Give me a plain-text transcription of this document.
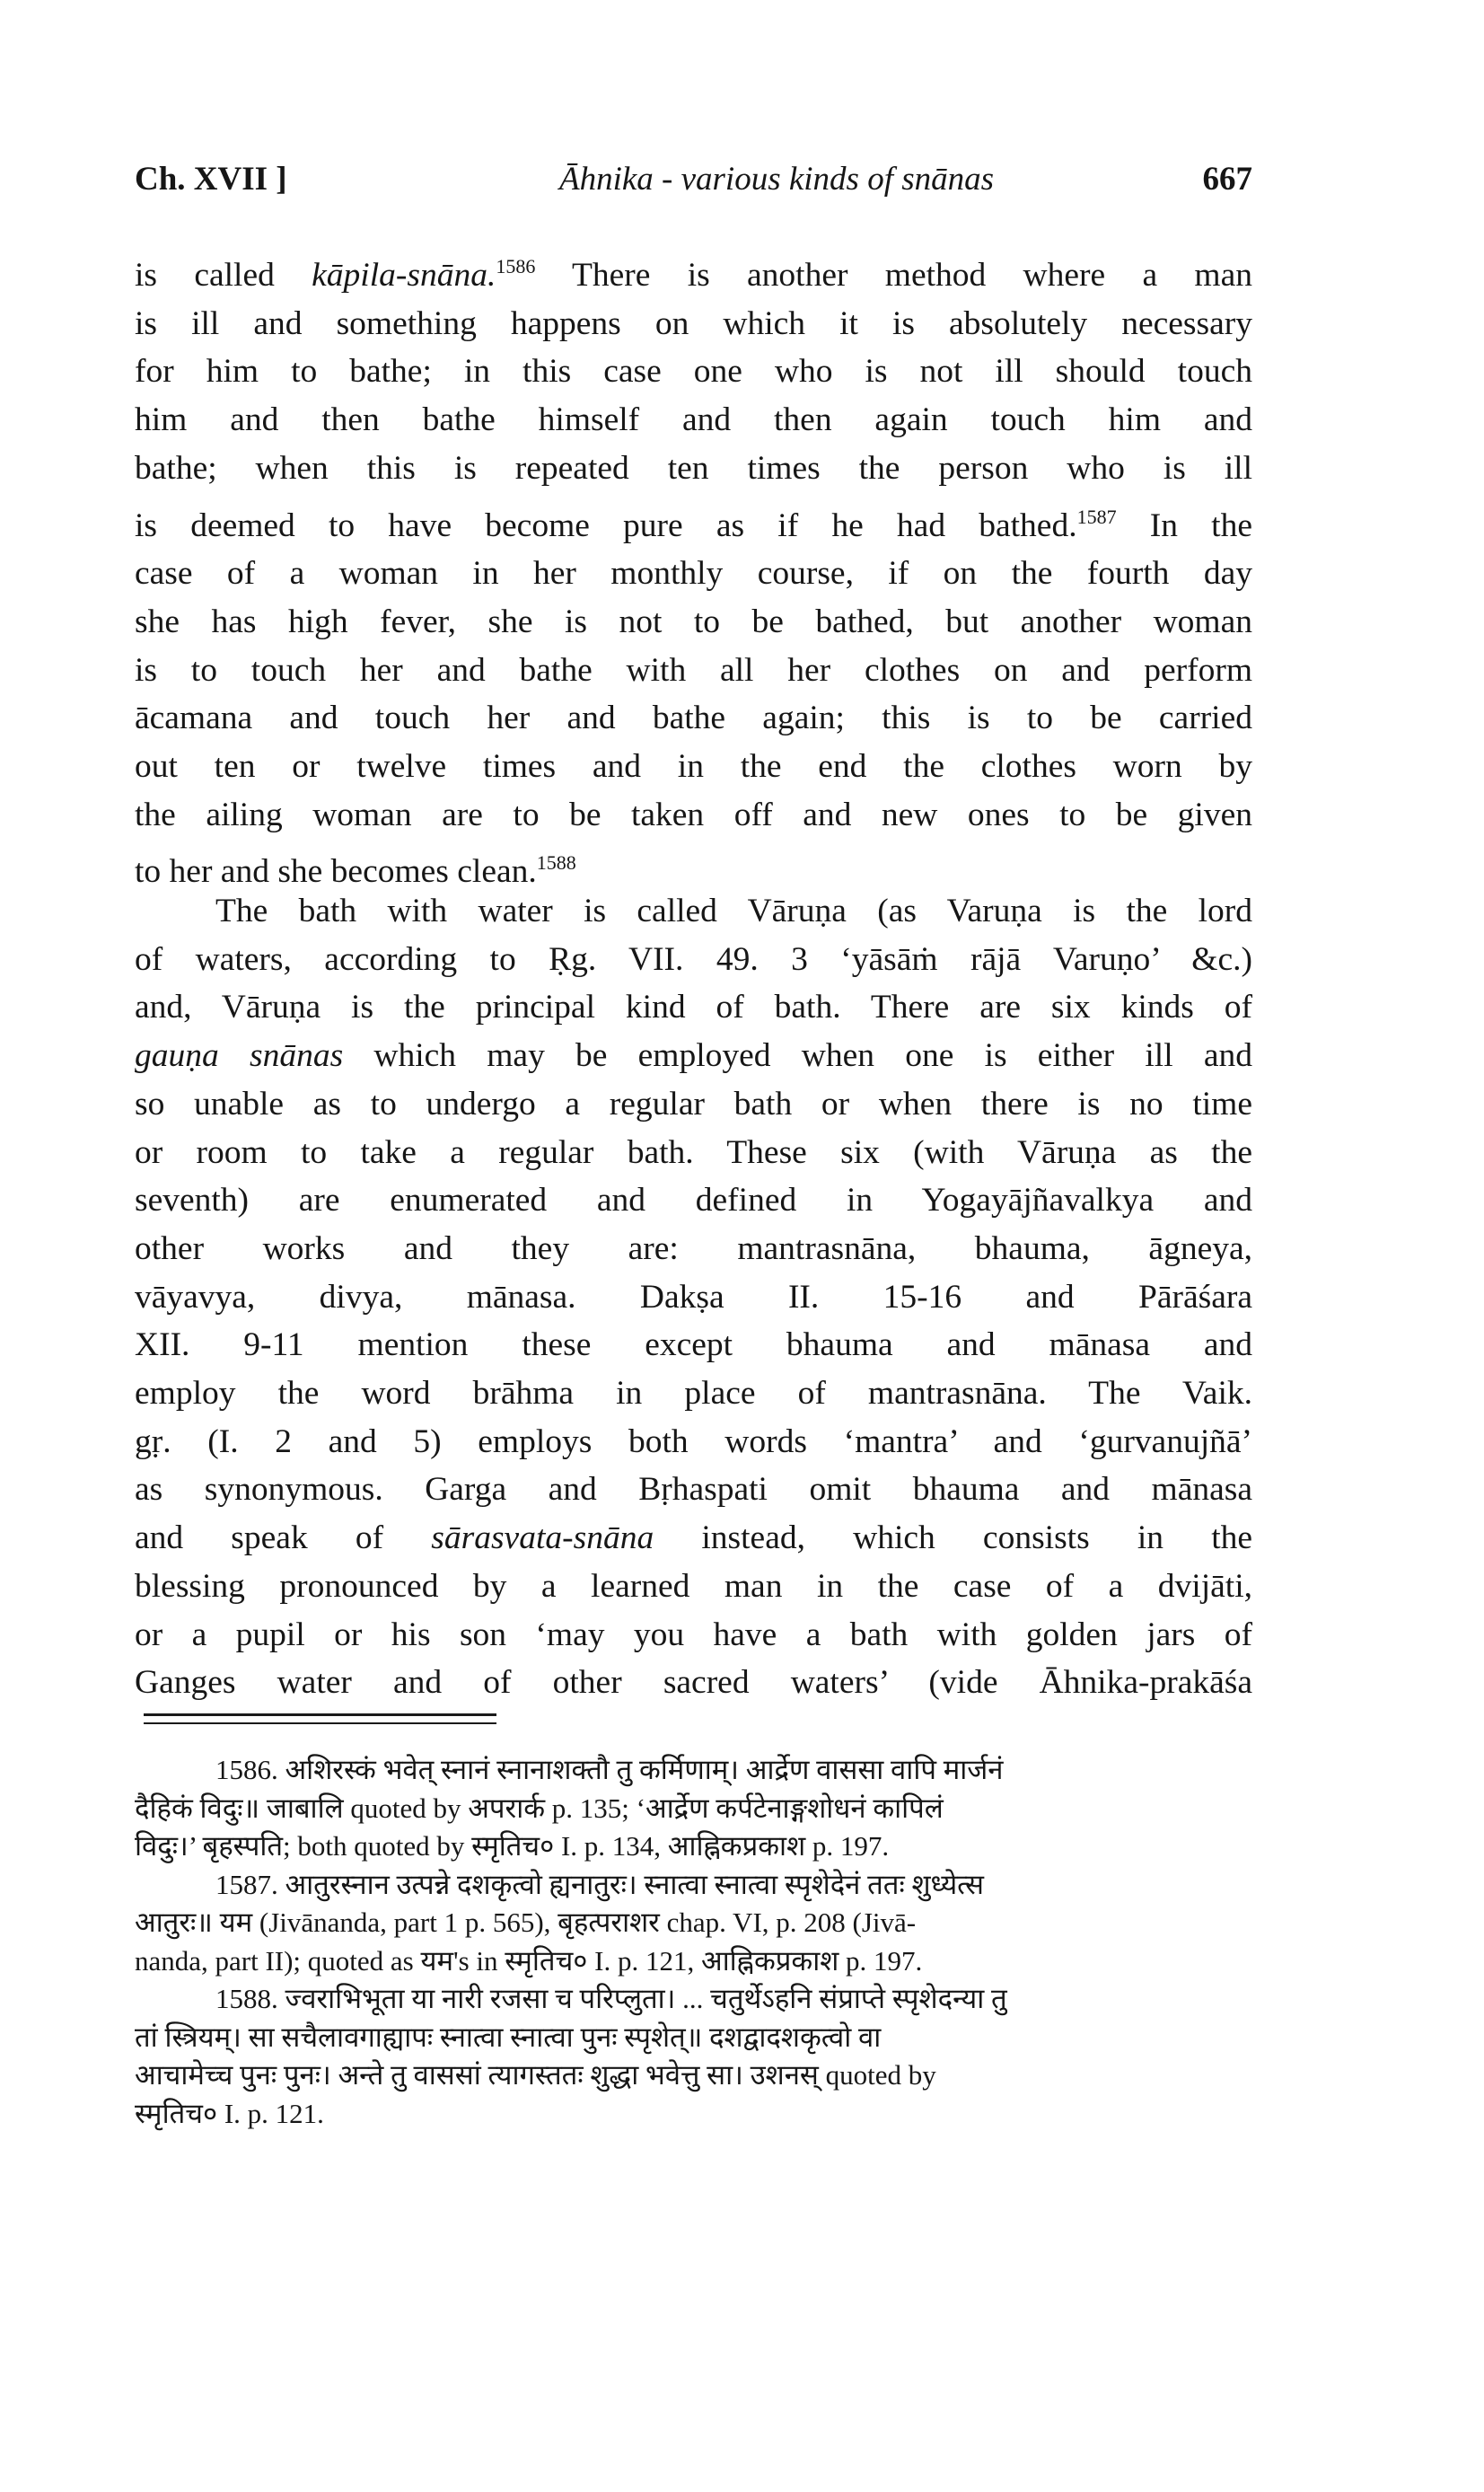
Ch. XVII ]	Āhnika - various kinds of snānas	667
is called kāpila-snāna.$^{1586}$ There is another method where a man
is ill and something happens on which it is absolutely necessary
for him to bathe; in this case one who is not ill should touch
him and then bathe himself and then again touch him and
bathe; when this is repeated ten times the person who is ill
is deemed to have become pure as if he had bathed.$^{1587}$ In the
case of a woman in her monthly course, if on the fourth day
she has high fever, she is not to be bathed, but another woman
is to touch her and bathe with all her clothes on and perform
ācamana and touch her and bathe again; this is to be carried
out ten or twelve times and in the end the clothes worn by
the ailing woman are to be taken off and new ones to be given
to her and she becomes clean.$^{1588}$
The bath with water is called Vāruṇa (as Varuṇa is the lord
of waters, according to Ṛg. VII. 49. 3 ‘yāsāṁ rājā Varuṇo’ &c.)
and, Vāruṇa is the principal kind of bath. There are six kinds of
gauṇa snānas which may be employed when one is either ill and
so unable as to undergo a regular bath or when there is no time
or room to take a regular bath. These six (with Vāruṇa as the
seventh) are enumerated and defined in Yogayājñavalkya and
other works and they are: mantrasnāna, bhauma, āgneya,
vāyavya, divya, mānasa. Dakṣa II. 15-16 and Pārāśara
XII. 9-11 mention these except bhauma and mānasa and
employ the word brāhma in place of mantrasnāna. The Vaik.
gṛ. (I. 2 and 5) employs both words ‘mantra’ and ‘gurvanujñā’
as synonymous. Garga and Bṛhaspati omit bhauma and mānasa
and speak of sārasvata-snāna instead, which consists in the
blessing pronounced by a learned man in the case of a dvijāti,
or a pupil or his son ‘may you have a bath with golden jars of
Ganges water and of other sacred waters’ (vide Āhnika-prakāśa
1586. अशिरस्कं भवेत् स्नानं स्नानाशक्तौ तु कर्मिणाम्। आर्द्रेण वाससा वापि मार्जनं
दैहिकं विदुः॥ जाबालि quoted by अपरार्क p. 135; ‘आर्द्रेण कर्पटेनाङ्गशोधनं कापिलं
विदुः।’ बृहस्पति; both quoted by स्मृतिच० I. p. 134, आह्निकप्रकाश p. 197.
1587. आतुरस्नान उत्पन्ने दशकृत्वो ह्यनातुरः। स्नात्वा स्नात्वा स्पृशेदेनं ततः शुध्येत्स
आतुरः॥ यम (Jivānanda, part 1 p. 565), बृहत्पराशर chap. VI, p. 208 (Jivā-
nanda, part II); quoted as यम's in स्मृतिच० I. p. 121, आह्निकप्रकाश p. 197.
1588. ज्वराभिभूता या नारी रजसा च परिप्लुता। ... चतुर्थेऽहनि संप्राप्ते स्पृशेदन्या तु
तां स्त्रियम्। सा सचैलावगाह्यापः स्नात्वा स्नात्वा पुनः स्पृशेत्॥ दशद्वादशकृत्वो वा
आचामेच्च पुनः पुनः। अन्ते तु वाससां त्यागस्ततः शुद्धा भवेत्तु सा। उशनस् quoted by
स्मृतिच० I. p. 121.
